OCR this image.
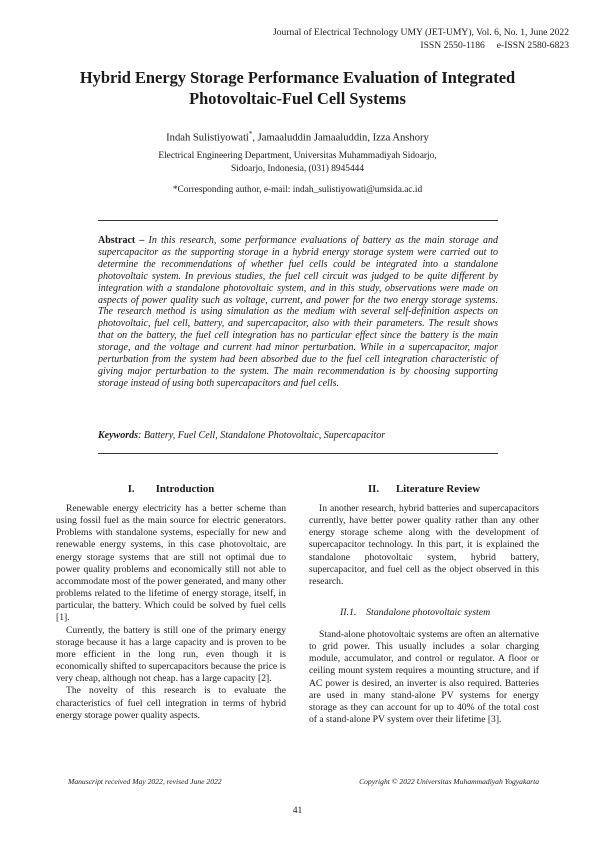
Journal of Electrical Technology UMY (JET-UMY), Vol. 6, No. 1, June 2022
ISSN 2550-1186     e-ISSN 2580-6823
Hybrid Energy Storage Performance Evaluation of Integrated
Photovoltaic-Fuel Cell Systems
Indah Sulistiyowati*, Jamaaluddin Jamaaluddin, Izza Anshory
Electrical Engineering Department, Universitas Muhammadiyah Sidoarjo,
Sidoarjo, Indonesia, (031) 8945444
*Corresponding author, e-mail: indah_sulistiyowati@umsida.ac.id

Abstract – In this research, some performance evaluations of battery as the main storage and supercapacitor as the supporting storage in a hybrid energy storage system were carried out to determine the recommendations of whether fuel cells could be integrated into a standalone photovoltaic system. In previous studies, the fuel cell circuit was judged to be quite different by integration with a standalone photovoltaic system, and in this study, observations were made on aspects of power quality such as voltage, current, and power for the two energy storage systems. The research method is using simulation as the medium with several self-definition aspects on photovoltaic, fuel cell, battery, and supercapacitor, also with their parameters. The result shows that on the battery, the fuel cell integration has no particular effect since the battery is the main storage, and the voltage and current had minor perturbation. While in a supercapacitor, major perturbation from the system had been absorbed due to the fuel cell integration characteristic of giving major perturbation to the system. The main recommendation is by choosing supporting storage instead of using both supercapacitors and fuel cells.

Keywords: Battery, Fuel Cell, Standalone Photovoltaic, Supercapacitor

I. Introduction

Renewable energy electricity has a better scheme than using fossil fuel as the main source for electric generators. Problems with standalone systems, especially for new and renewable energy systems, in this case photovoltaic, are energy storage systems that are still not optimal due to power quality problems and economically still not able to accommodate most of the power generated, and many other problems related to the lifetime of energy storage, itself, in particular, the battery. Which could be solved by fuel cells [1].

Currently, the battery is still one of the primary energy storage because it has a large capacity and is proven to be more efficient in the long run, even though it is economically shifted to supercapacitors because the price is very cheap, although not cheap. has a large capacity [2].

The novelty of this research is to evaluate the characteristics of fuel cell integration in terms of hybrid energy storage power quality aspects.

II. Literature Review

In another research, hybrid batteries and supercapacitors currently, have better power quality rather than any other energy storage scheme along with the development of supercapacitor technology. In this part, it is explained the standalone photovoltaic system, hybrid battery, supercapacitor, and fuel cell as the object observed in this research.

II.1. Standalone photovoltaic system

Stand-alone photovoltaic systems are often an alternative to grid power. This usually includes a solar charging module, accumulator, and control or regulator. A floor or ceiling mount system requires a mounting structure, and if AC power is desired, an inverter is also required. Batteries are used in many stand-alone PV systems for energy storage as they can account for up to 40% of the total cost of a stand-alone PV system over their lifetime [3].

Manuscript received May 2022, revised June 2022	Copyright © 2022 Universitas Muhammadiyah Yogyakarta
41
